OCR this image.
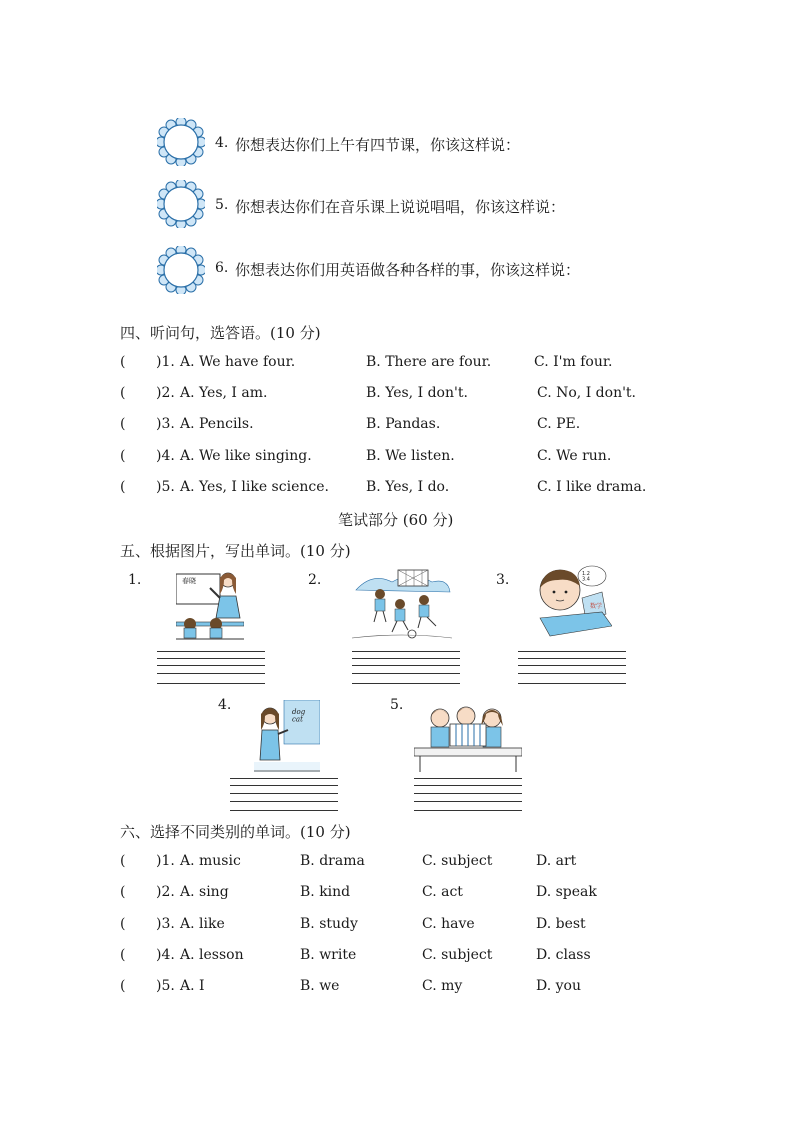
4. 你想表达你们上午有四节课，你该这样说：
5. 你想表达你们在音乐课上说说唱唱，你该这样说：
6. 你想表达你们用英语做各种各样的事，你该这样说：
四、听问句，选答语。(10 分)
( )1. A. We have four.	B. There are four.	C. I'm four.
( )2. A. Yes, I am.	B. Yes, I don't.	C. No, I don't.
( )3. A. Pencils.	B. Pandas.	C. PE.
( )4. A. We like singing.	B. We listen.	C. We run.
( )5. A. Yes, I like science.	B. Yes, I do.	C. I like drama.
笔试部分 (60 分)
五、根据图片，写出单词。(10 分)
1.	春晓	2.	3.	1.2 3.4
数学
4.	dog cat
5.
六、选择不同类别的单词。(10 分)
( )1. A. music	B. drama	C. subject	D. art
( )2. A. sing	B. kind	C. act	D. speak
( )3. A. like	B. study	C. have	D. best
( )4. A. lesson	B. write	C. subject	D. class
( )5. A. I	B. we	C. my	D. you
